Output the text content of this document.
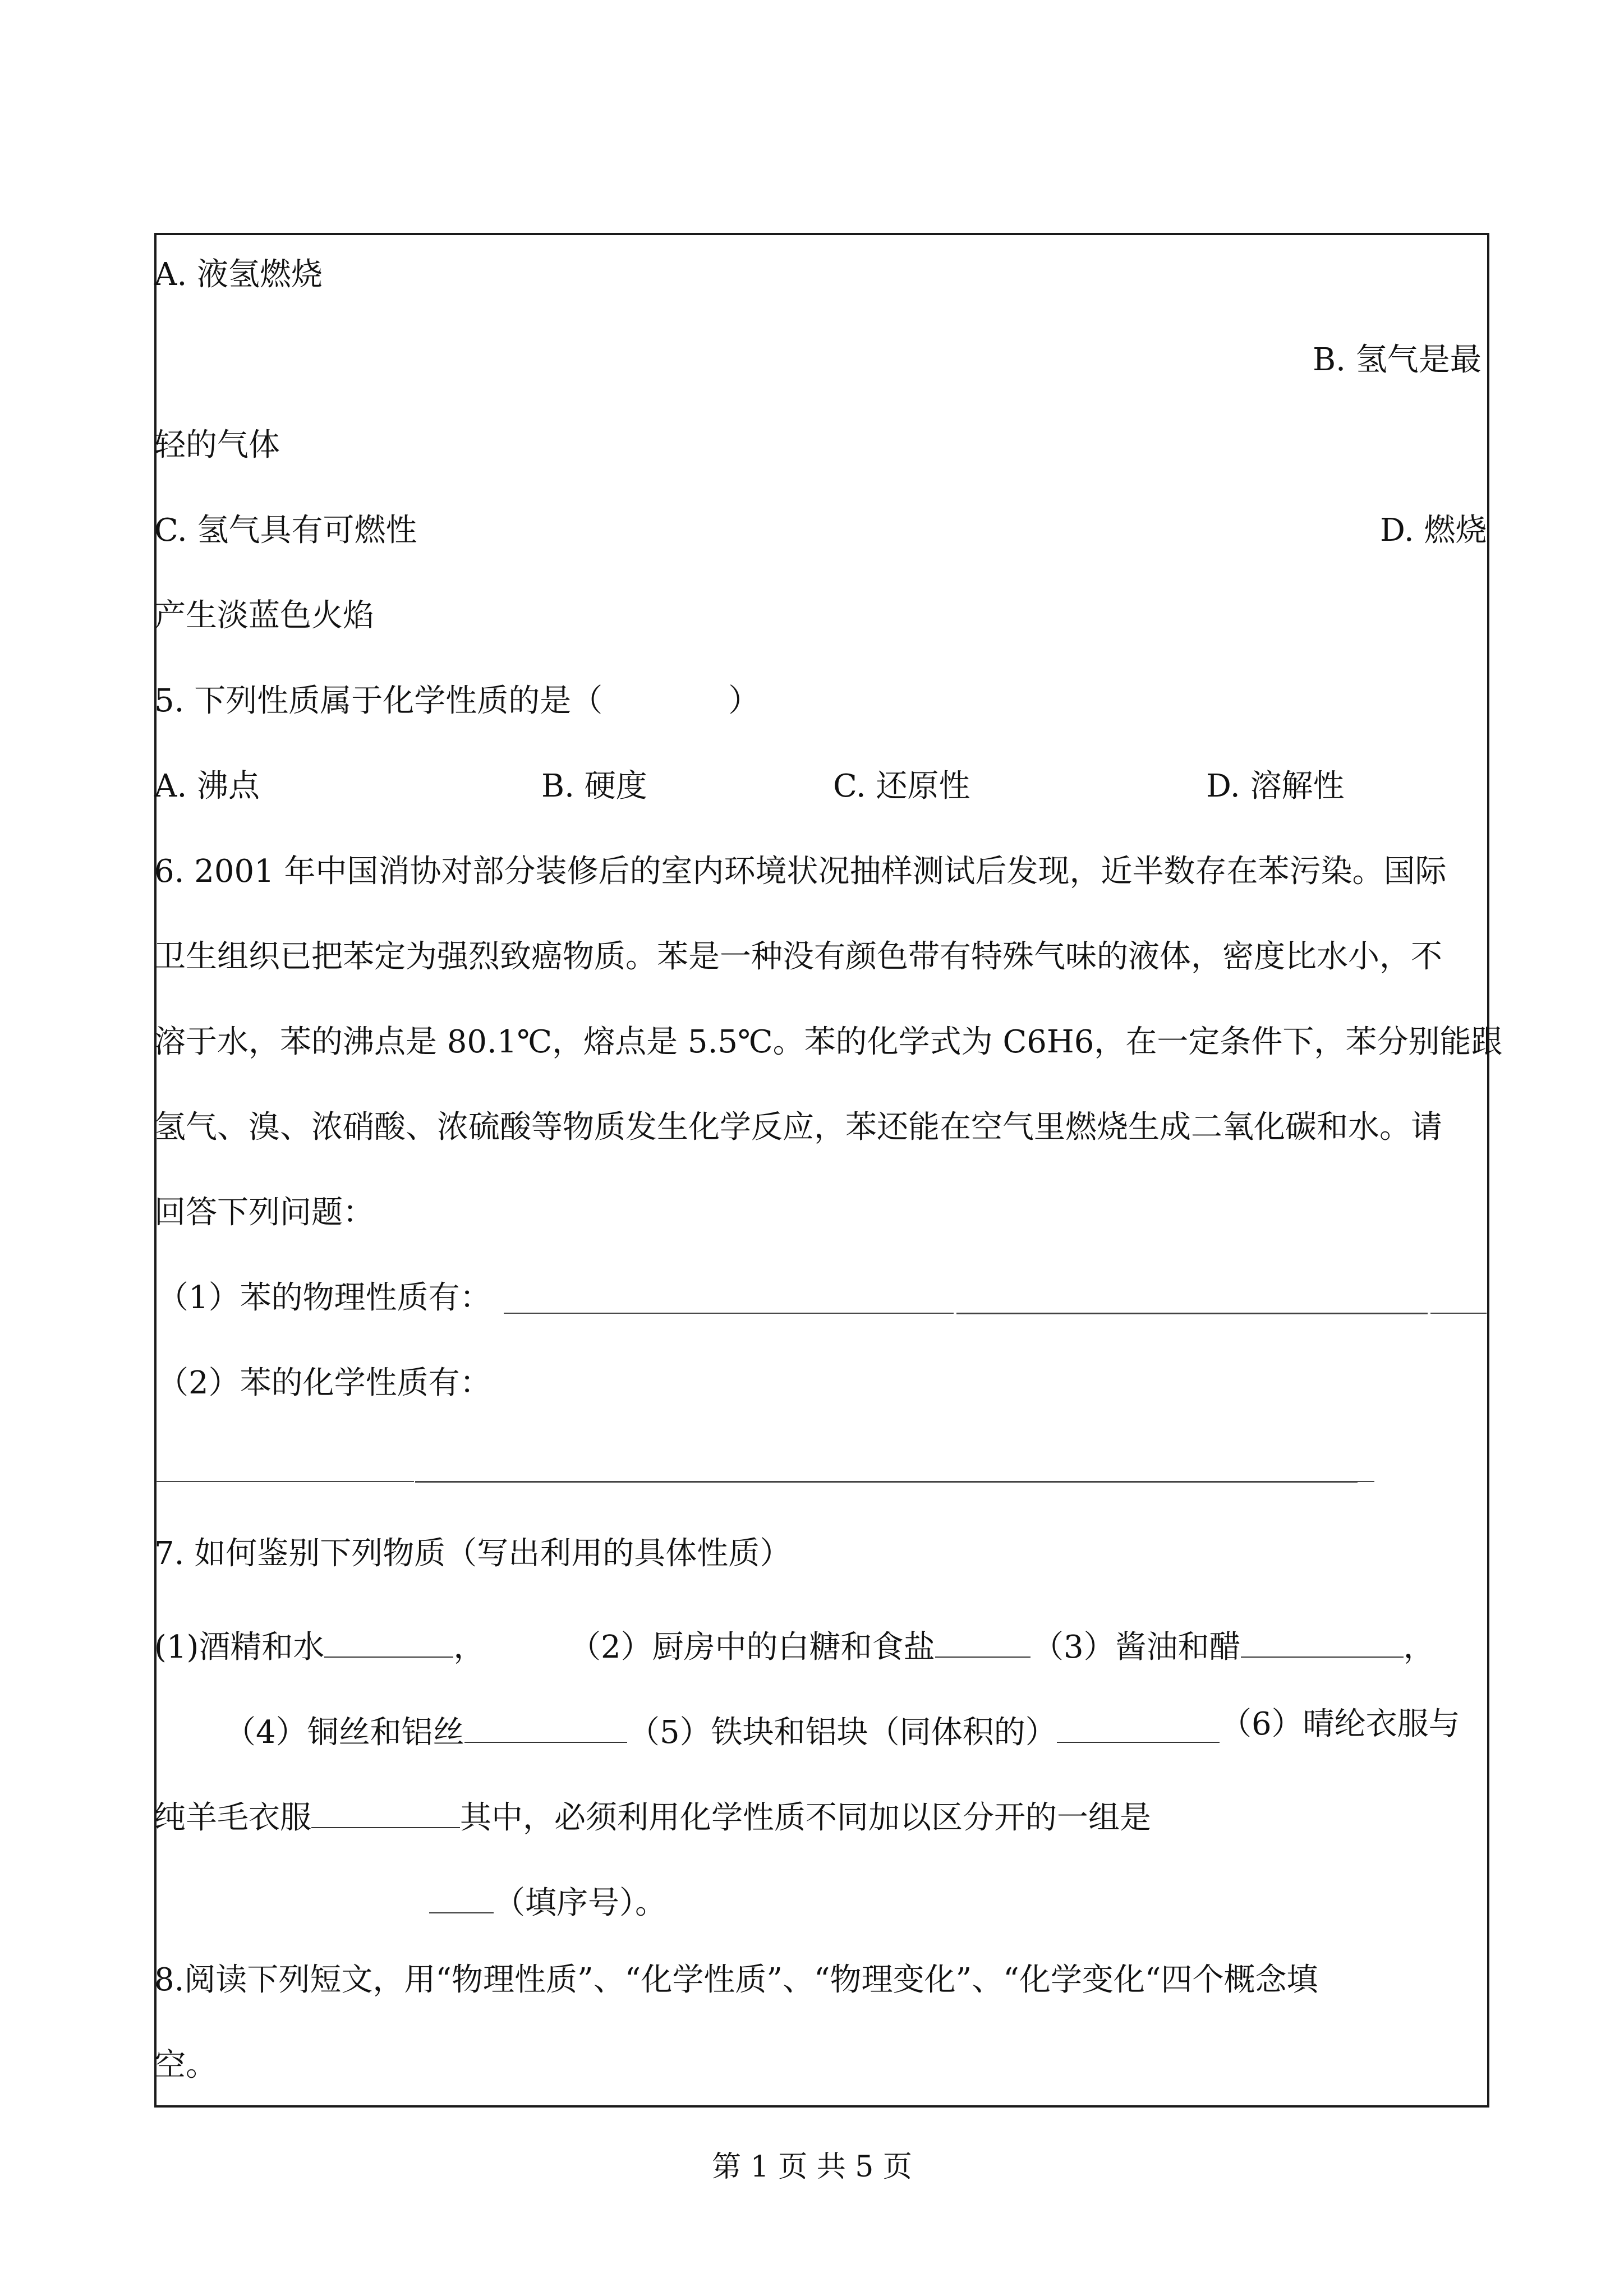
A. 液氢燃烧
B. 氢气是最
轻的气体
C. 氢气具有可燃性	D. 燃烧
产生淡蓝色火焰
5. 下列性质属于化学性质的是（　　　　）
A. 沸点	B. 硬度	C. 还原性	D. 溶解性
6. 2001 年中国消协对部分装修后的室内环境状况抽样测试后发现，近半数存在苯污染。国际
卫生组织已把苯定为强烈致癌物质。苯是一种没有颜色带有特殊气味的液体，密度比水小，不
溶于水，苯的沸点是 80.1℃，熔点是 5.5℃。苯的化学式为 C6H6，在一定条件下，苯分别能跟
氢气、溴、浓硝酸、浓硫酸等物质发生化学反应，苯还能在空气里燃烧生成二氧化碳和水。请
回答下列问题：
（1）苯的物理性质有：
（2）苯的化学性质有：
7. 如何鉴别下列物质（写出利用的具体性质）
(1)酒精和水	，	（2）厨房中的白糖和食盐	（3）酱油和醋	，
（4）铜丝和铝丝	（5）铁块和铝块（同体积的）	（6）晴纶衣服与
纯羊毛衣服	其中，必须利用化学性质不同加以区分开的一组是
（填序号）。
8.阅读下列短文，用“物理性质”、“化学性质”、“物理变化”、“化学变化“四个概念填
空。
第 1 页 共 5 页
